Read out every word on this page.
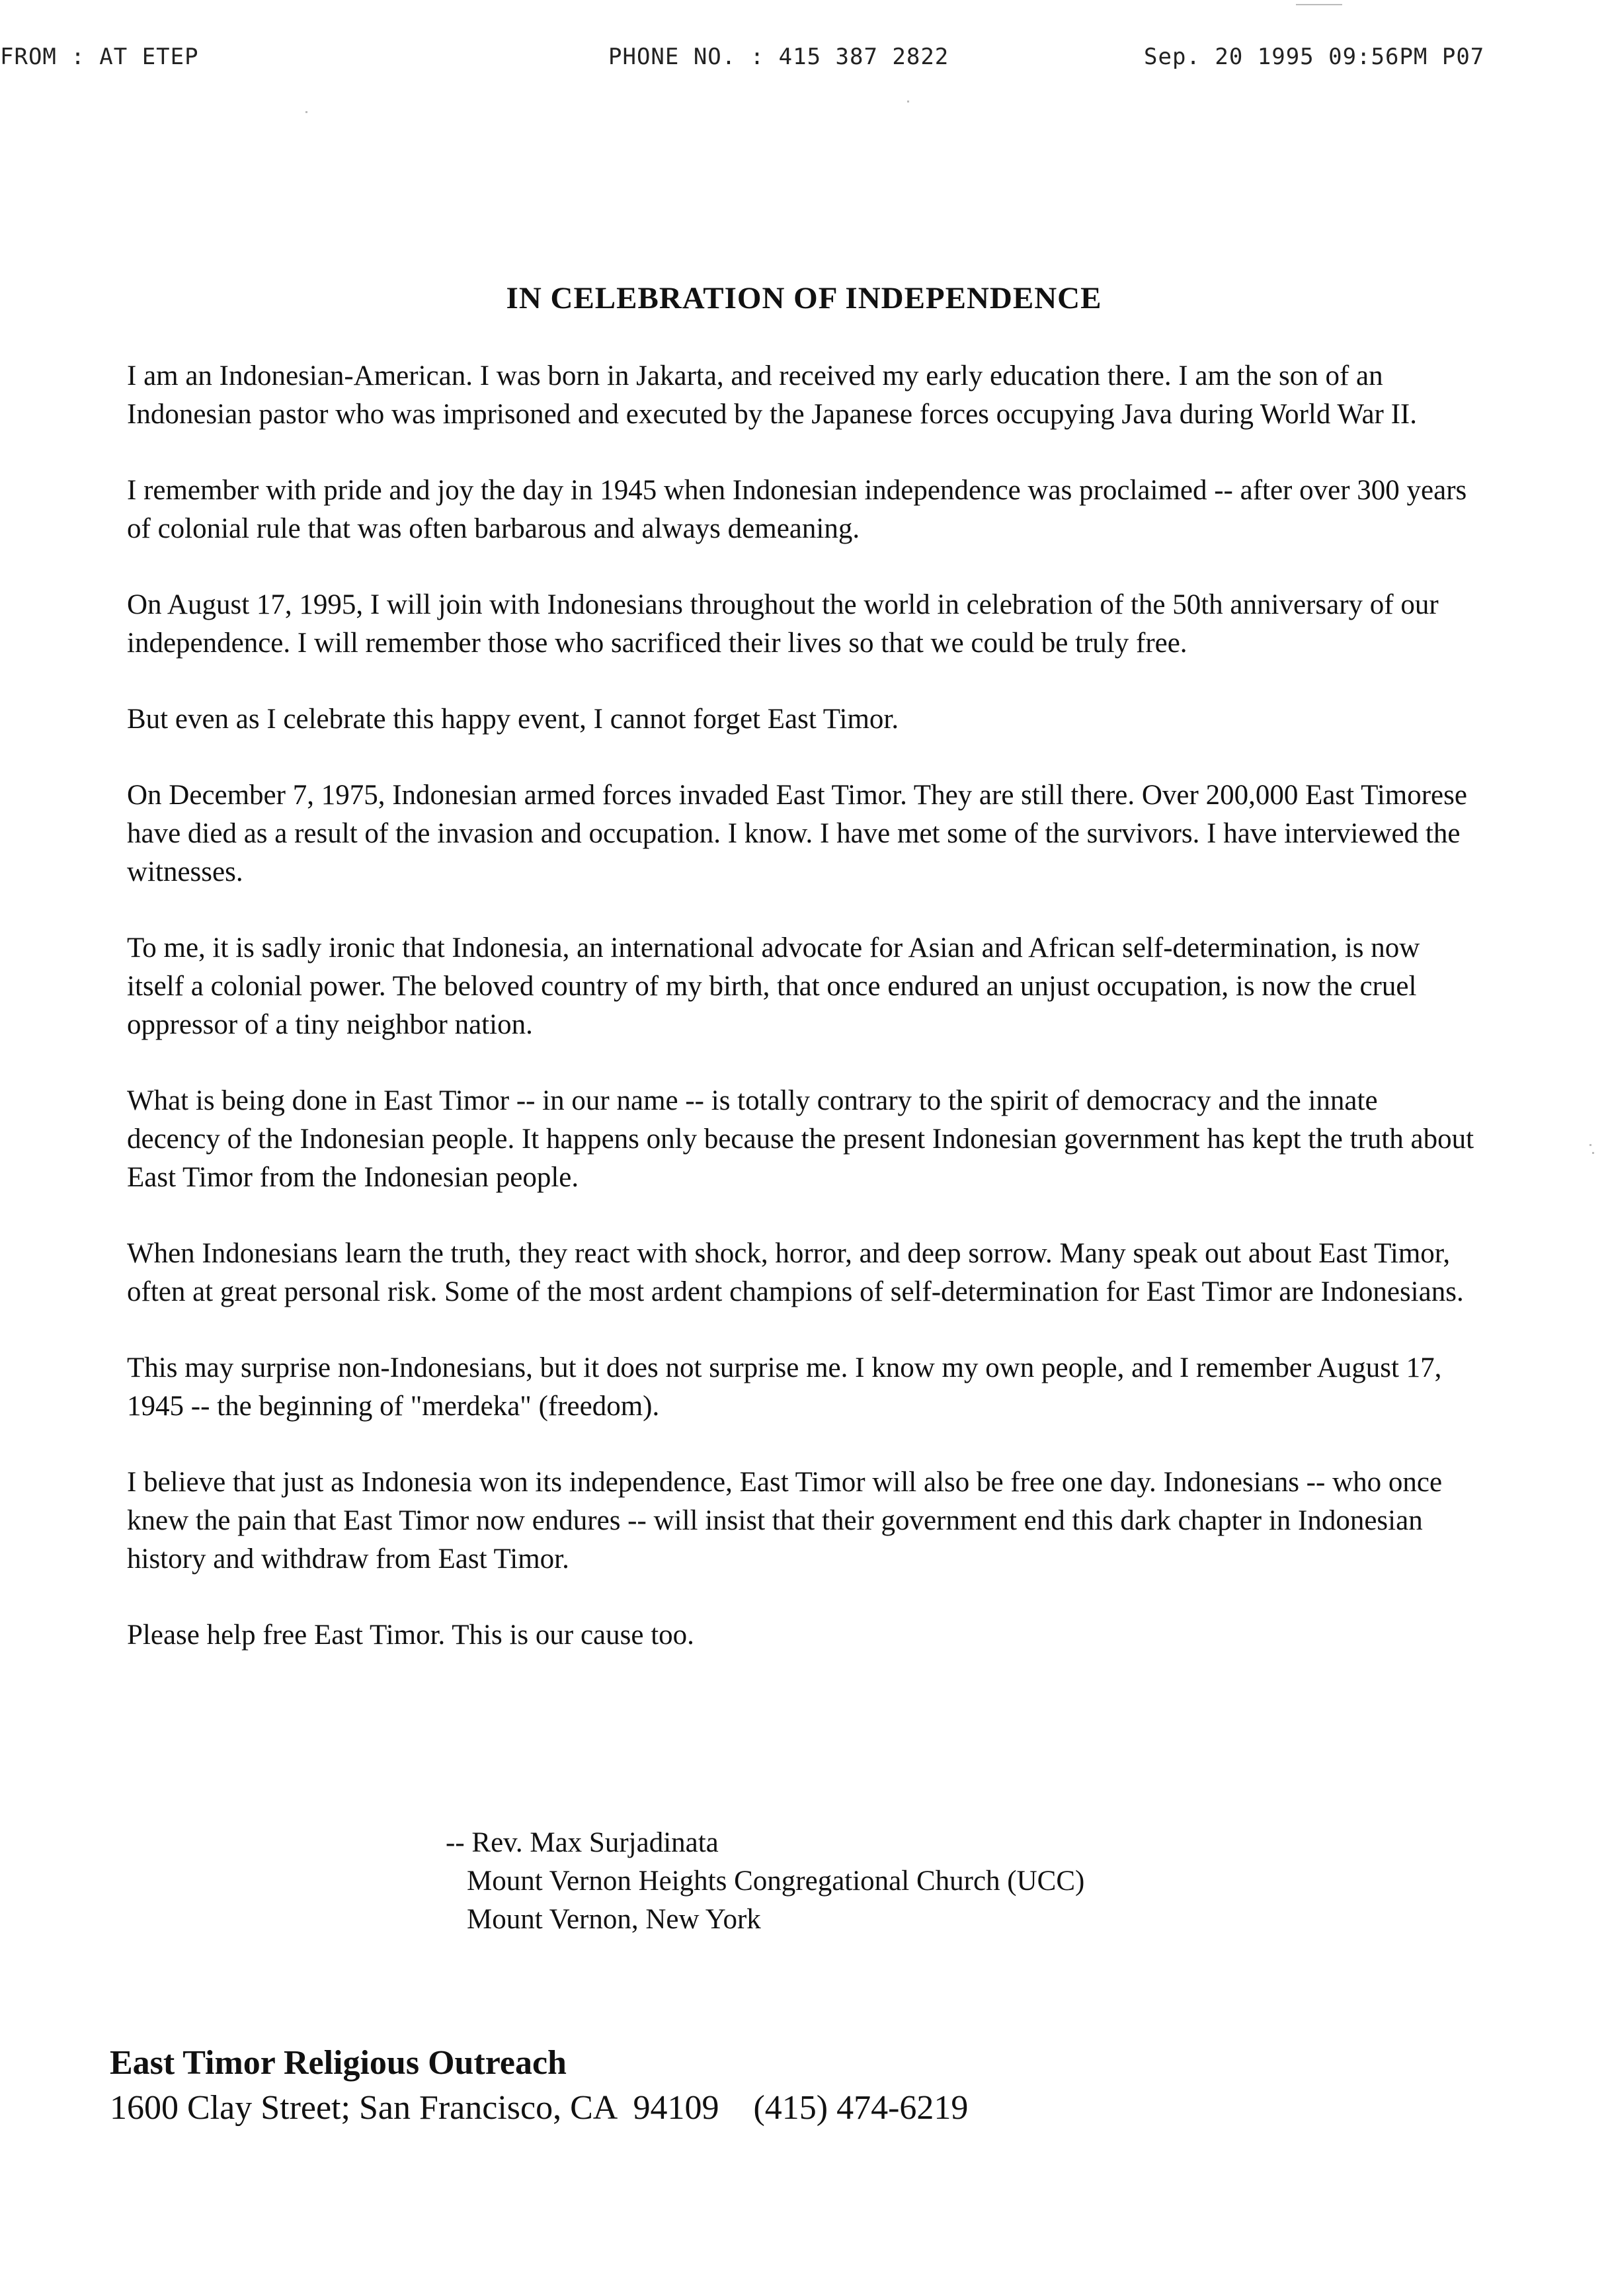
FROM : AT ETEP	PHONE NO. : 415 387 2822	Sep. 20 1995 09:56PM P07
IN CELEBRATION OF INDEPENDENCE

I am an Indonesian-American. I was born in Jakarta, and received my early education there. I am the son of an Indonesian pastor who was imprisoned and executed by the Japanese forces occupying Java during World War II.

I remember with pride and joy the day in 1945 when Indonesian independence was proclaimed -- after over 300 years of colonial rule that was often barbarous and always demeaning.

On August 17, 1995, I will join with Indonesians throughout the world in celebration of the 50th anniversary of our independence. I will remember those who sacrificed their lives so that we could be truly free.

But even as I celebrate this happy event, I cannot forget East Timor.

On December 7, 1975, Indonesian armed forces invaded East Timor. They are still there. Over 200,000 East Timorese have died as a result of the invasion and occupation. I know. I have met some of the survivors. I have interviewed the witnesses.

To me, it is sadly ironic that Indonesia, an international advocate for Asian and African self-determination, is now itself a colonial power. The beloved country of my birth, that once endured an unjust occupation, is now the cruel oppressor of a tiny neighbor nation.

What is being done in East Timor -- in our name -- is totally contrary to the spirit of democracy and the innate decency of the Indonesian people. It happens only because the present Indonesian government has kept the truth about East Timor from the Indonesian people.

When Indonesians learn the truth, they react with shock, horror, and deep sorrow. Many speak out about East Timor, often at great personal risk. Some of the most ardent champions of self-determination for East Timor are Indonesians.

This may surprise non-Indonesians, but it does not surprise me. I know my own people, and I remember August 17, 1945 -- the beginning of "merdeka" (freedom).

I believe that just as Indonesia won its independence, East Timor will also be free one day. Indonesians -- who once knew the pain that East Timor now endures -- will insist that their government end this dark chapter in Indonesian history and withdraw from East Timor.

Please help free East Timor. This is our cause too.

-- Rev. Max Surjadinata
Mount Vernon Heights Congregational Church (UCC)
Mount Vernon, New York
East Timor Religious Outreach
1600 Clay Street; San Francisco, CA  94109    (415) 474-6219
